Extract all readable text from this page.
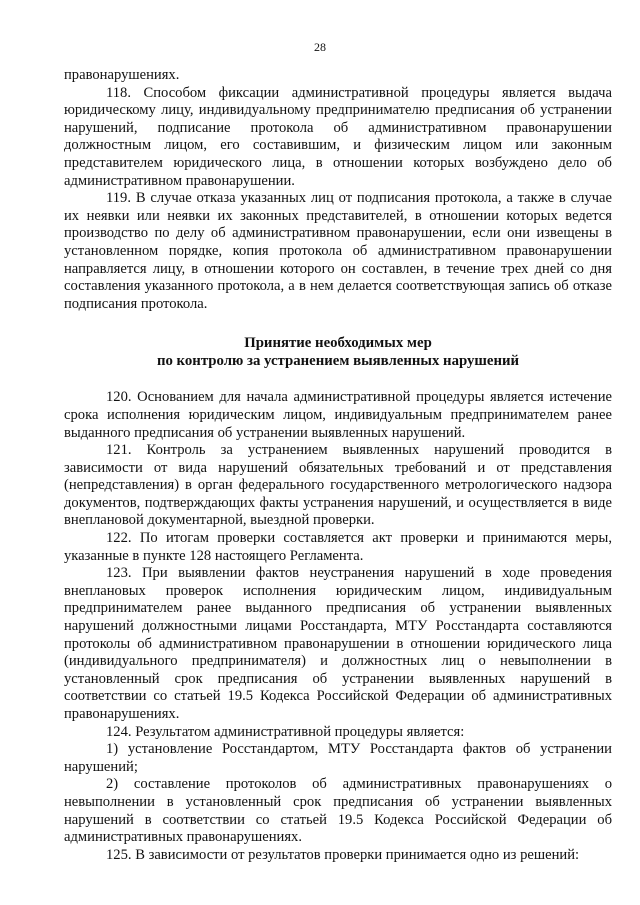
28

правонарушениях.

118. Способом фиксации административной процедуры является выдача юридическому лицу, индивидуальному предпринимателю предписания об устранении нарушений, подписание протокола об административном правонарушении должностным лицом, его составившим, и физическим лицом или законным представителем юридического лица, в отношении которых возбуждено дело об административном правонарушении.

119. В случае отказа указанных лиц от подписания протокола, а также в случае их неявки или неявки их законных представителей, в отношении которых ведется производство по делу об административном правонарушении, если они извещены в установленном порядке, копия протокола об административном правонарушении направляется лицу, в отношении которого он составлен, в течение трех дней со дня составления указанного протокола, а в нем делается соответствующая запись об отказе подписания протокола.

Принятие необходимых мер
по контролю за устранением выявленных нарушений

120. Основанием для начала административной процедуры является истечение срока исполнения юридическим лицом, индивидуальным предпринимателем ранее выданного предписания об устранении выявленных нарушений.

121. Контроль за устранением выявленных нарушений проводится в зависимости от вида нарушений обязательных требований и от представления (непредставления) в орган федерального государственного метрологического надзора документов, подтверждающих факты устранения нарушений, и осуществляется в виде внеплановой документарной, выездной проверки.

122. По итогам проверки составляется акт проверки и принимаются меры, указанные в пункте 128 настоящего Регламента.

123. При выявлении фактов неустранения нарушений в ходе проведения внеплановых проверок исполнения юридическим лицом, индивидуальным предпринимателем ранее выданного предписания об устранении выявленных нарушений должностными лицами Росстандарта, МТУ Росстандарта составляются протоколы об административном правонарушении в отношении юридического лица (индивидуального предпринимателя) и должностных лиц о невыполнении в установленный срок предписания об устранении выявленных нарушений в соответствии со статьей 19.5 Кодекса Российской Федерации об административных правонарушениях.

124. Результатом административной процедуры является:

1) установление Росстандартом, МТУ Росстандарта фактов об устранении нарушений;

2) составление протоколов об административных правонарушениях о невыполнении в установленный срок предписания об устранении выявленных нарушений в соответствии со статьей 19.5 Кодекса Российской Федерации об административных правонарушениях.

125. В зависимости от результатов проверки принимается одно из решений:
